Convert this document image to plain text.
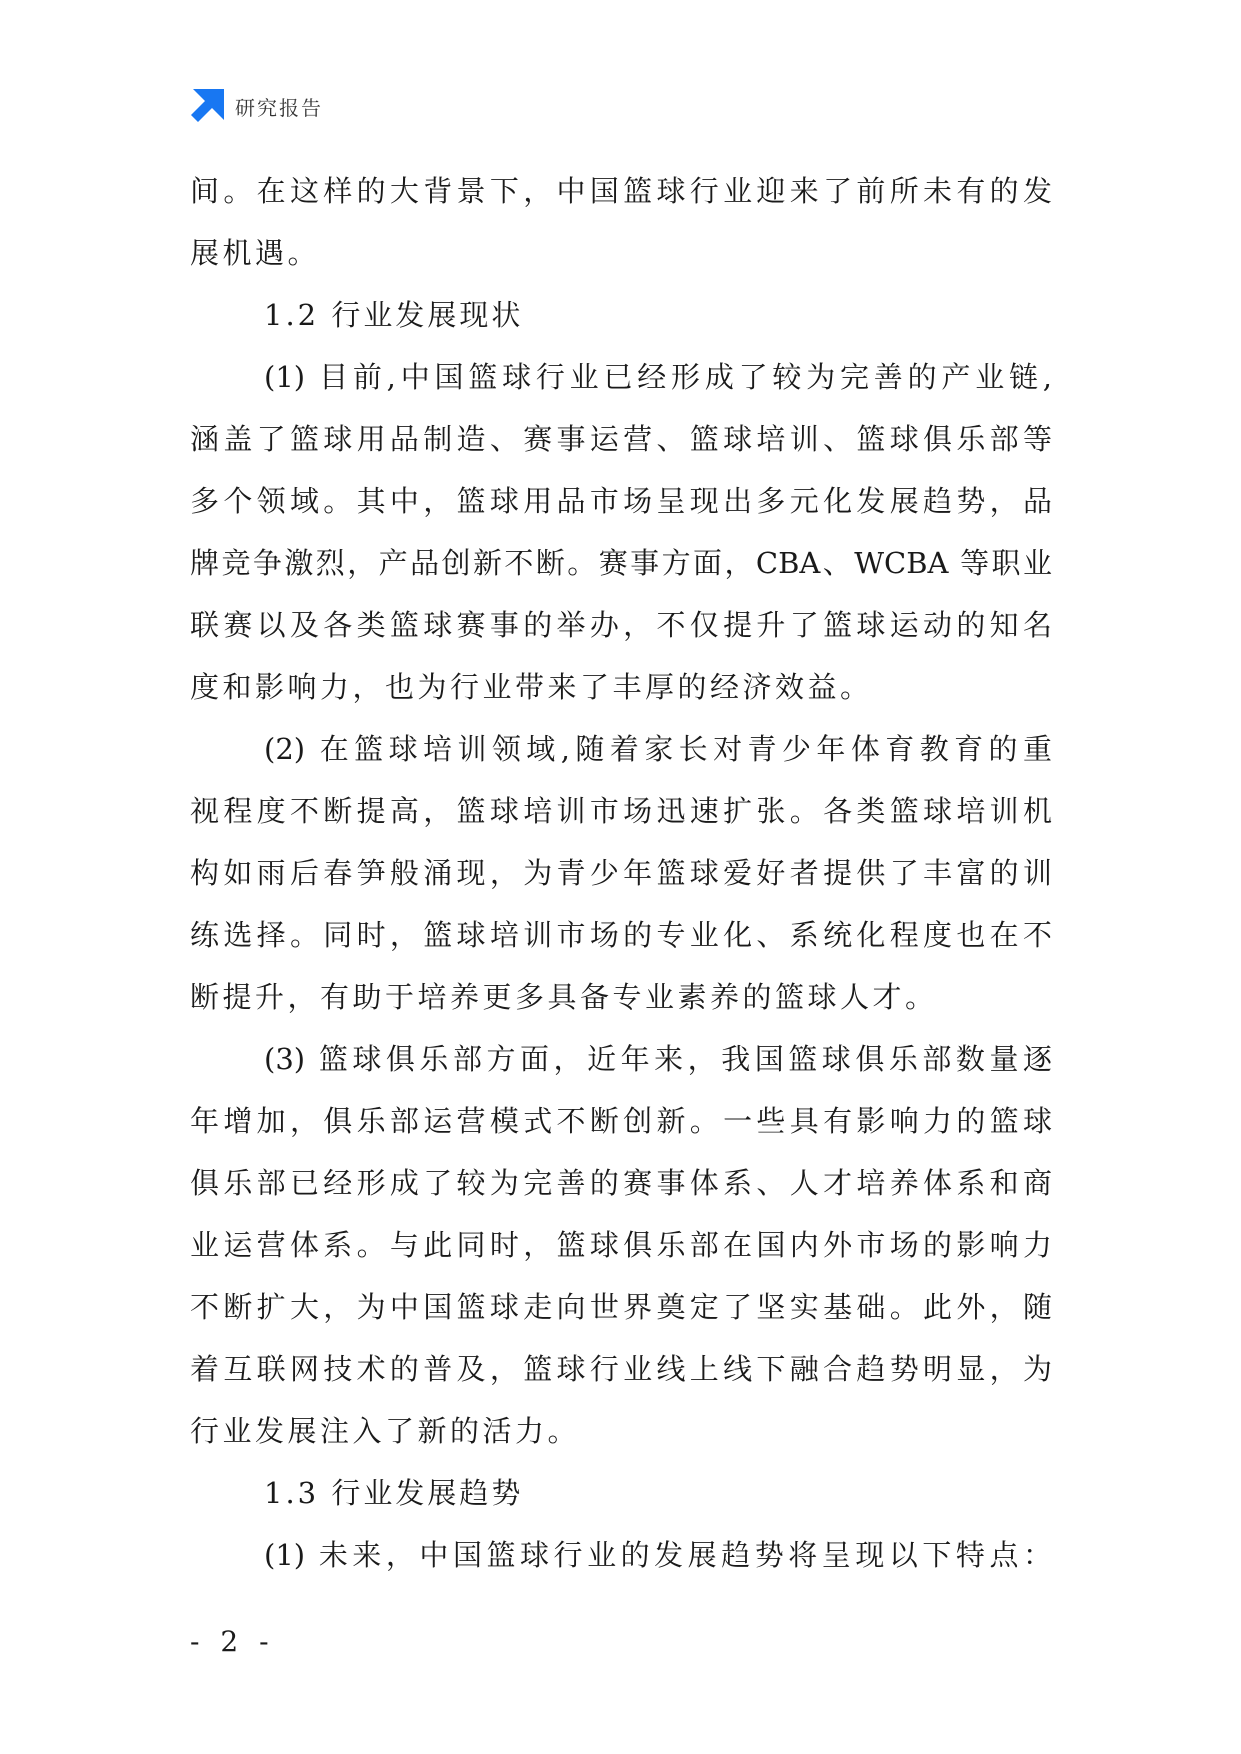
研究报告
间。在这样的大背景下，中国篮球行业迎来了前所未有的发
展机遇。
1.2 行业发展现状
(1) 目前,中国篮球行业已经形成了较为完善的产业链,
涵盖了篮球用品制造、赛事运营、篮球培训、篮球俱乐部等
多个领域。其中，篮球用品市场呈现出多元化发展趋势，品
牌竞争激烈，产品创新不断。赛事方面，CBA、WCBA 等职业
联赛以及各类篮球赛事的举办，不仅提升了篮球运动的知名
度和影响力，也为行业带来了丰厚的经济效益。
(2) 在篮球培训领域,随着家长对青少年体育教育的重
视程度不断提高，篮球培训市场迅速扩张。各类篮球培训机
构如雨后春笋般涌现，为青少年篮球爱好者提供了丰富的训
练选择。同时，篮球培训市场的专业化、系统化程度也在不
断提升，有助于培养更多具备专业素养的篮球人才。
(3) 篮球俱乐部方面，近年来，我国篮球俱乐部数量逐
年增加，俱乐部运营模式不断创新。一些具有影响力的篮球
俱乐部已经形成了较为完善的赛事体系、人才培养体系和商
业运营体系。与此同时，篮球俱乐部在国内外市场的影响力
不断扩大，为中国篮球走向世界奠定了坚实基础。此外，随
着互联网技术的普及，篮球行业线上线下融合趋势明显，为
行业发展注入了新的活力。
1.3 行业发展趋势
(1) 未来，中国篮球行业的发展趋势将呈现以下特点：
- 2 -
